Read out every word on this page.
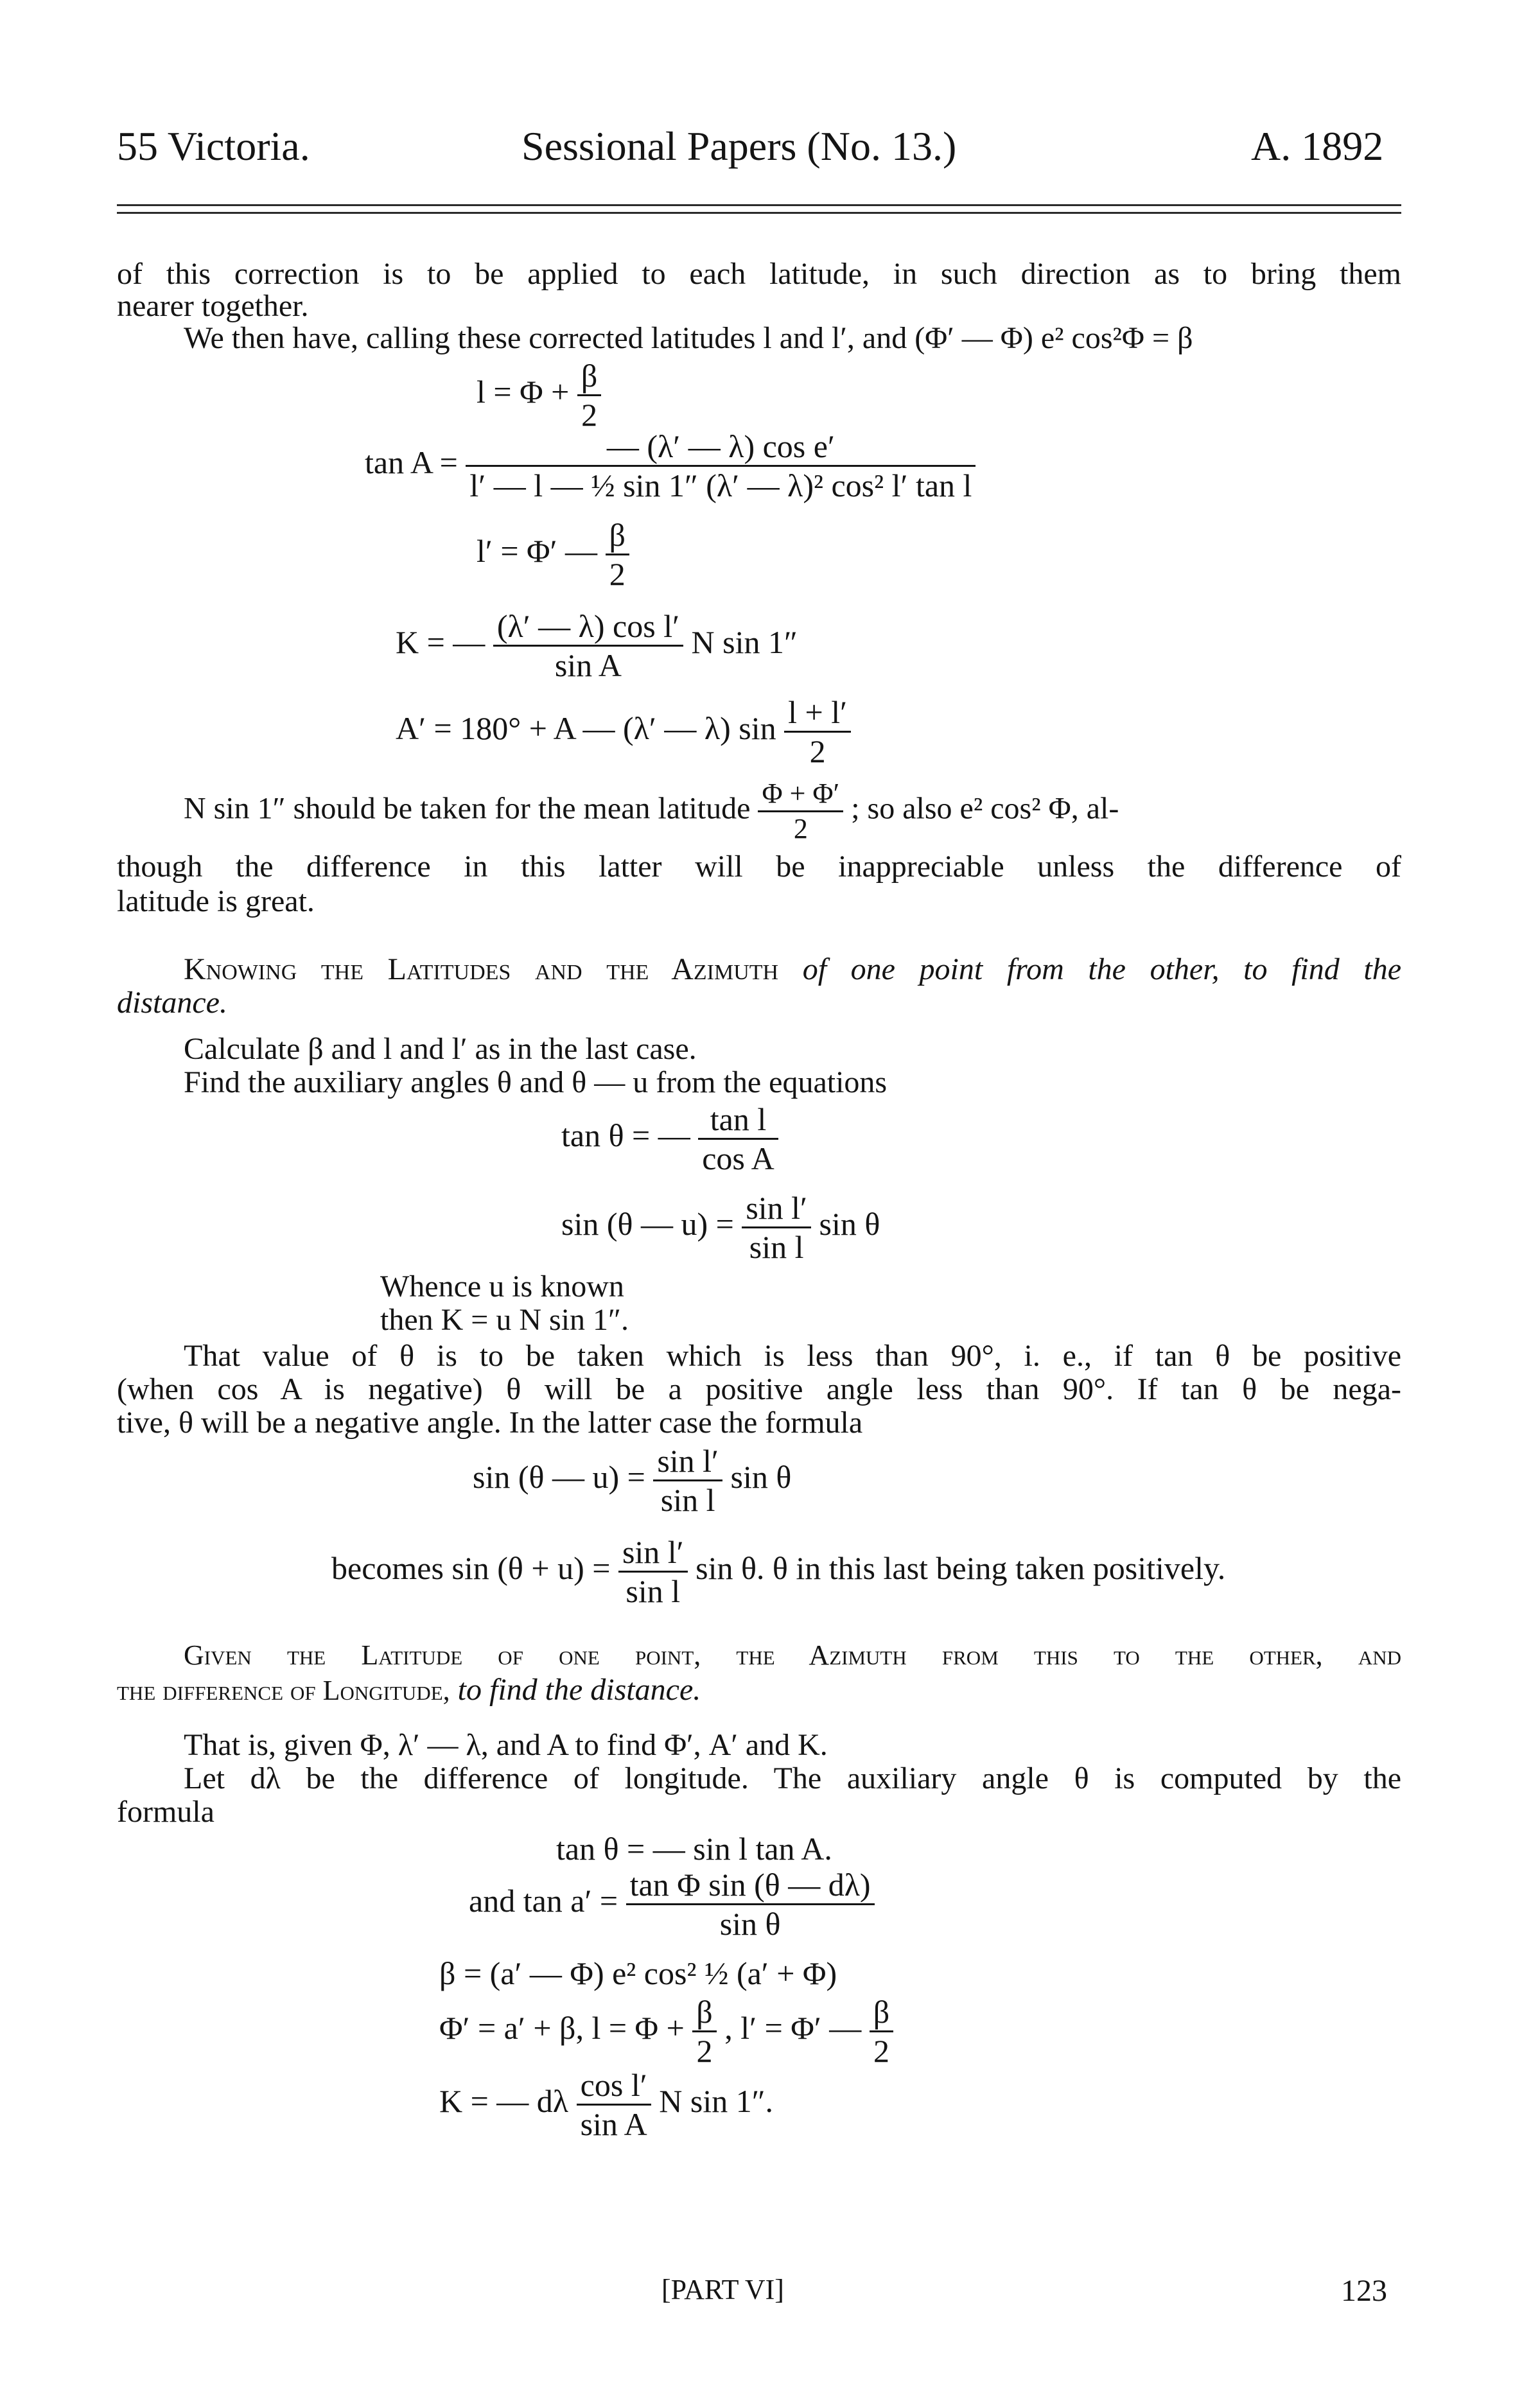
55 Victoria.	Sessional Papers (No. 13.)	A. 1892
of this correction is to be applied to each latitude, in such direction as to bring them
nearer together.
We then have, calling these corrected latitudes l and l′, and (Φ′ — Φ) e² cos²Φ = β
$l = \Phi + \frac{\beta}{2}$
$\tan A = \frac{\text{— (λ′ — λ) cos e′}}{\text{l′ — l — ½ sin 1″ (λ′ — λ)² cos² l′ tan l}}$
l′ = Φ′ — $\frac{\beta}{2}$
K = — $\frac{\text{(λ′ — λ) cos l′}}{\text{sin A}}$ N sin 1″
A′ = 180° + A — (λ′ — λ) $\sin \frac{l + l'}{2}$
N sin 1″ should be taken for the mean latitude $\frac{\Phi + \Phi'}{2}$ ; so also e² cos² Φ, al-
though the difference in this latter will be inappreciable unless the difference of
latitude is great.
Knowing the Latitudes and the Azimuth of one point from the other, to find the
distance.
Calculate β and l and l′ as in the last case.
Find the auxiliary angles θ and θ — u from the equations
tan θ = — $\frac{\text{tan l}}{\text{cos A}}$
sin (θ — $u) = \frac{\text{sin l′}}{\text{sin l}}$ sin θ
Whence u is known
then K = u N sin 1″.
That value of θ is to be taken which is less than 90°, i. e., if tan θ be positive
(when cos A is negative) θ will be a positive angle less than 90°. If tan θ be nega-
tive, θ will be a negative angle. In the latter case the formula
sin (θ — $u) = \frac{\text{sin l′}}{\text{sin l}}$ sin θ
becomes $\sin (\theta + u) = \frac{\text{sin l′}}{\text{sin l}}$ sin θ. θ in this last being taken positively.
Given the Latitude of one point, the Azimuth from this to the other, and
the difference of Longitude, to find the distance.
That is, given Φ, λ′ — λ, and A to find Φ′, A′ and K.
Let dλ be the difference of longitude. The auxiliary angle θ is computed by the
formula
tan θ = — sin l tan A.
and $\tan a' = \frac{\text{tan Φ sin (θ — dλ)}}{\text{sin θ}}$
β = (a′ — Φ) e² cos² ½ (a′ + Φ)
Φ′ = a′ + β, $l = \Phi + \frac{\beta}{2}$ , l′ = Φ′ — $\frac{\beta}{2}$
K = — dλ $\frac{\text{cos l′}}{\text{sin A}}$ N sin 1″.
[PART VI]	123
